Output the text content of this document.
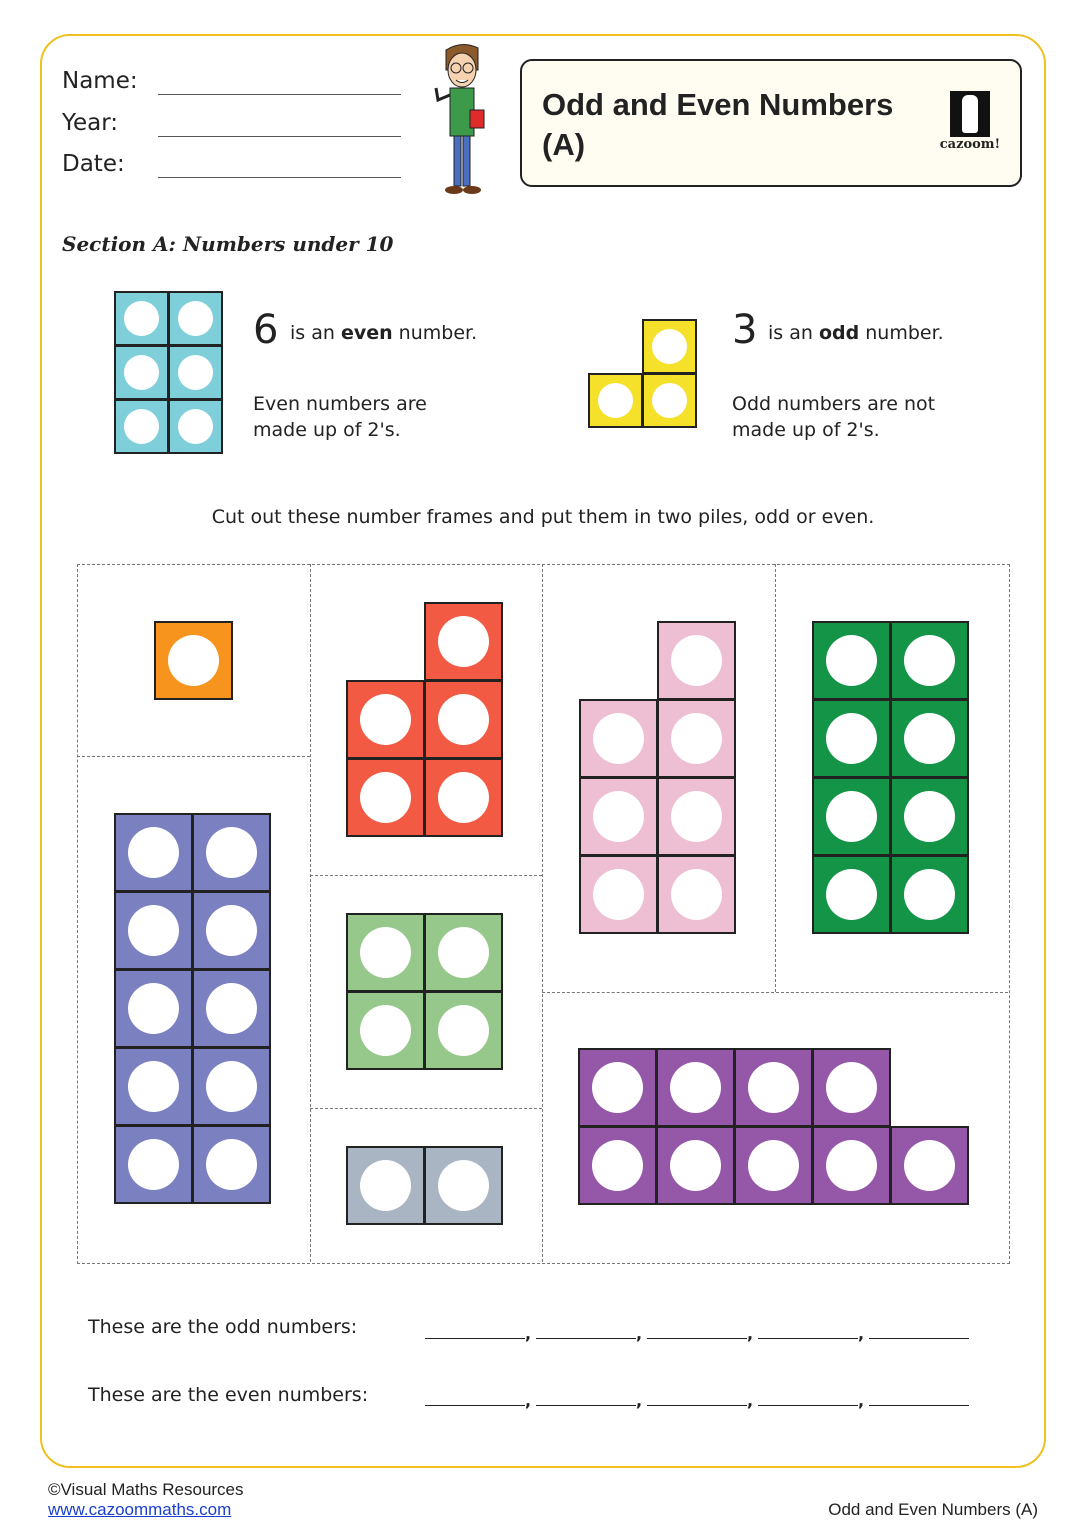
Name:
Year:
Date:
Odd and Even Numbers (A)	cazoom!
Section A: Numbers under 10
6 is an even number.
Even numbers are made up of 2's.
3 is an odd number.
Odd numbers are not made up of 2's.
Cut out these number frames and put them in two piles, odd or even.
These are the odd numbers:
These are the even numbers:
,	,	,	,
,	,	,	,
©Visual Maths Resources
www.cazoommaths.com	Odd and Even Numbers (A)
